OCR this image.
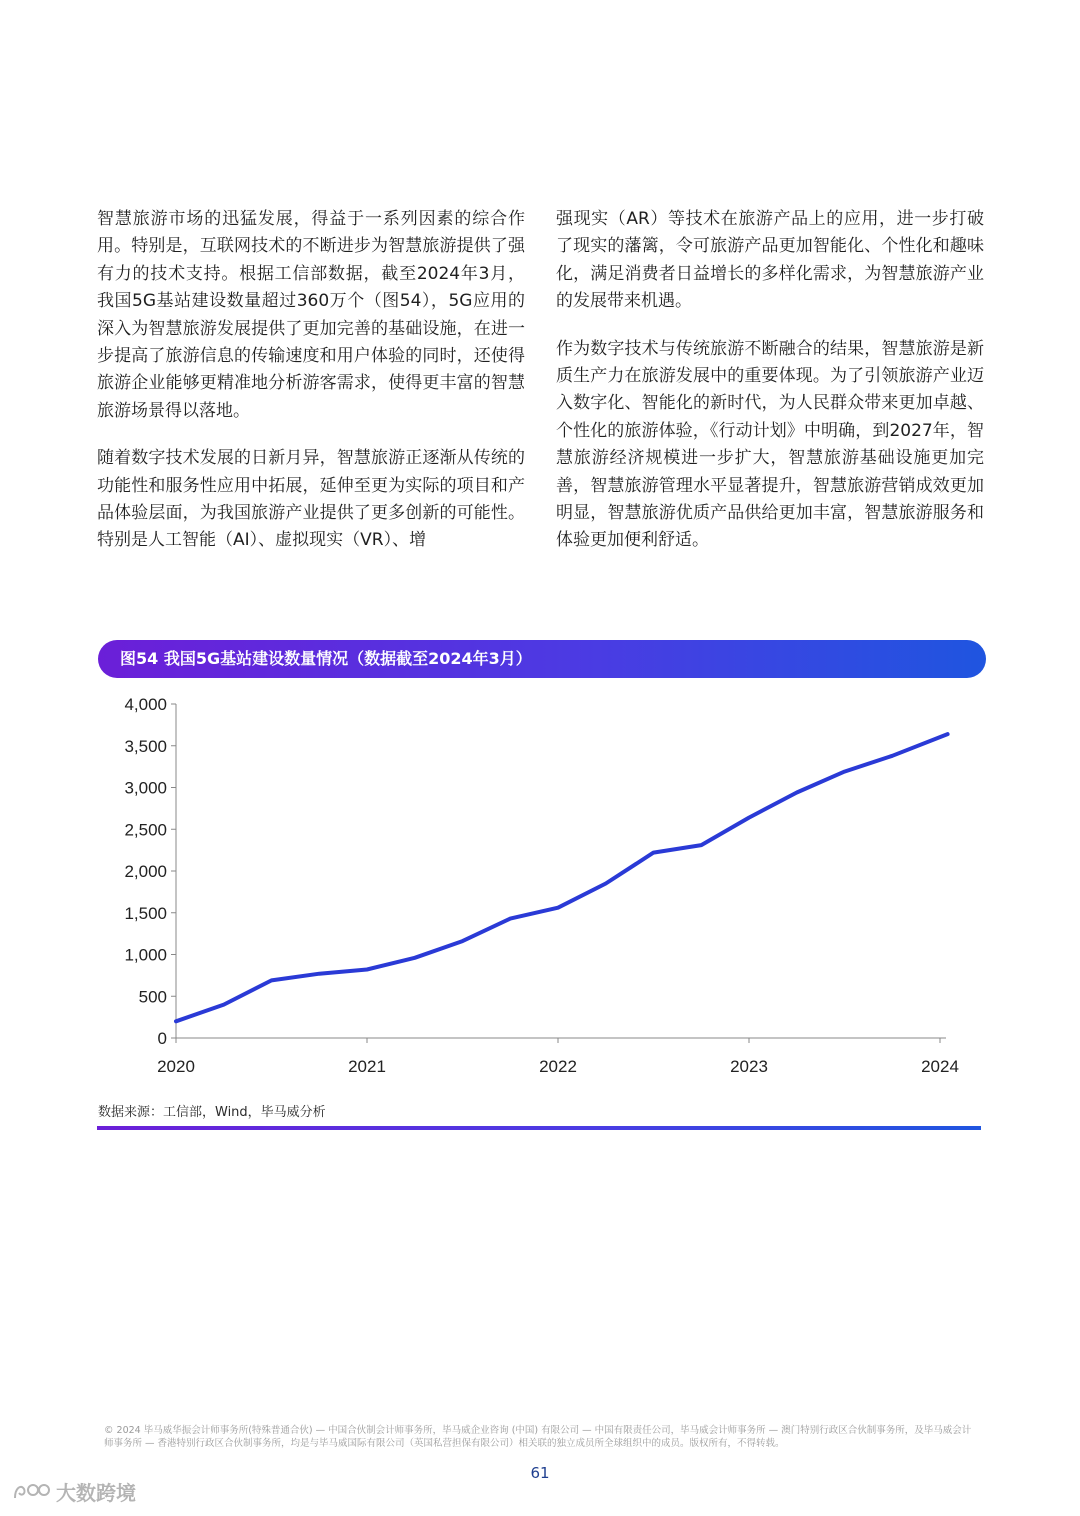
智慧旅游市场的迅猛发展，得益于一系列因素的综合作用。特别是，互联网技术的不断进步为智慧旅游提供了强有力的技术支持。根据工信部数据，截至2024年3月，我国5G基站建设数量超过360万个（图54），5G应用的深入为智慧旅游发展提供了更加完善的基础设施，在进一步提高了旅游信息的传输速度和用户体验的同时，还使得旅游企业能够更精准地分析游客需求，使得更丰富的智慧旅游场景得以落地。

随着数字技术发展的日新月异，智慧旅游正逐渐从传统的功能性和服务性应用中拓展，延伸至更为实际的项目和产品体验层面，为我国旅游产业提供了更多创新的可能性。特别是人工智能（AI）、虚拟现实（VR）、增

强现实（AR）等技术在旅游产品上的应用，进一步打破了现实的藩篱，令可旅游产品更加智能化、个性化和趣味化，满足消费者日益增长的多样化需求，为智慧旅游产业的发展带来机遇。

作为数字技术与传统旅游不断融合的结果，智慧旅游是新质生产力在旅游发展中的重要体现。为了引领旅游产业迈入数字化、智能化的新时代，为人民群众带来更加卓越、个性化的旅游体验，《行动计划》中明确，到2027年，智慧旅游经济规模进一步扩大，智慧旅游基础设施更加完善，智慧旅游管理水平显著提升，智慧旅游营销成效更加明显，智慧旅游优质产品供给更加丰富，智慧旅游服务和体验更加便利舒适。

图54 我国5G基站建设数量情况（数据截至2024年3月）
0
500
1,000
1,500
2,000
2,500
3,000
3,500
4,000
2020	2021	2022	2023	2024
数据来源：工信部，Wind，毕马威分析
© 2024 毕马威华振会计师事务所(特殊普通合伙) — 中国合伙制会计师事务所，毕马威企业咨询 (中国) 有限公司 — 中国有限责任公司，毕马威会计师事务所 — 澳门特别行政区合伙制事务所，及毕马威会计师事务所 — 香港特别行政区合伙制事务所，均是与毕马威国际有限公司（英国私营担保有限公司）相关联的独立成员所全球组织中的成员。版权所有，不得转载。
61
大数跨境
